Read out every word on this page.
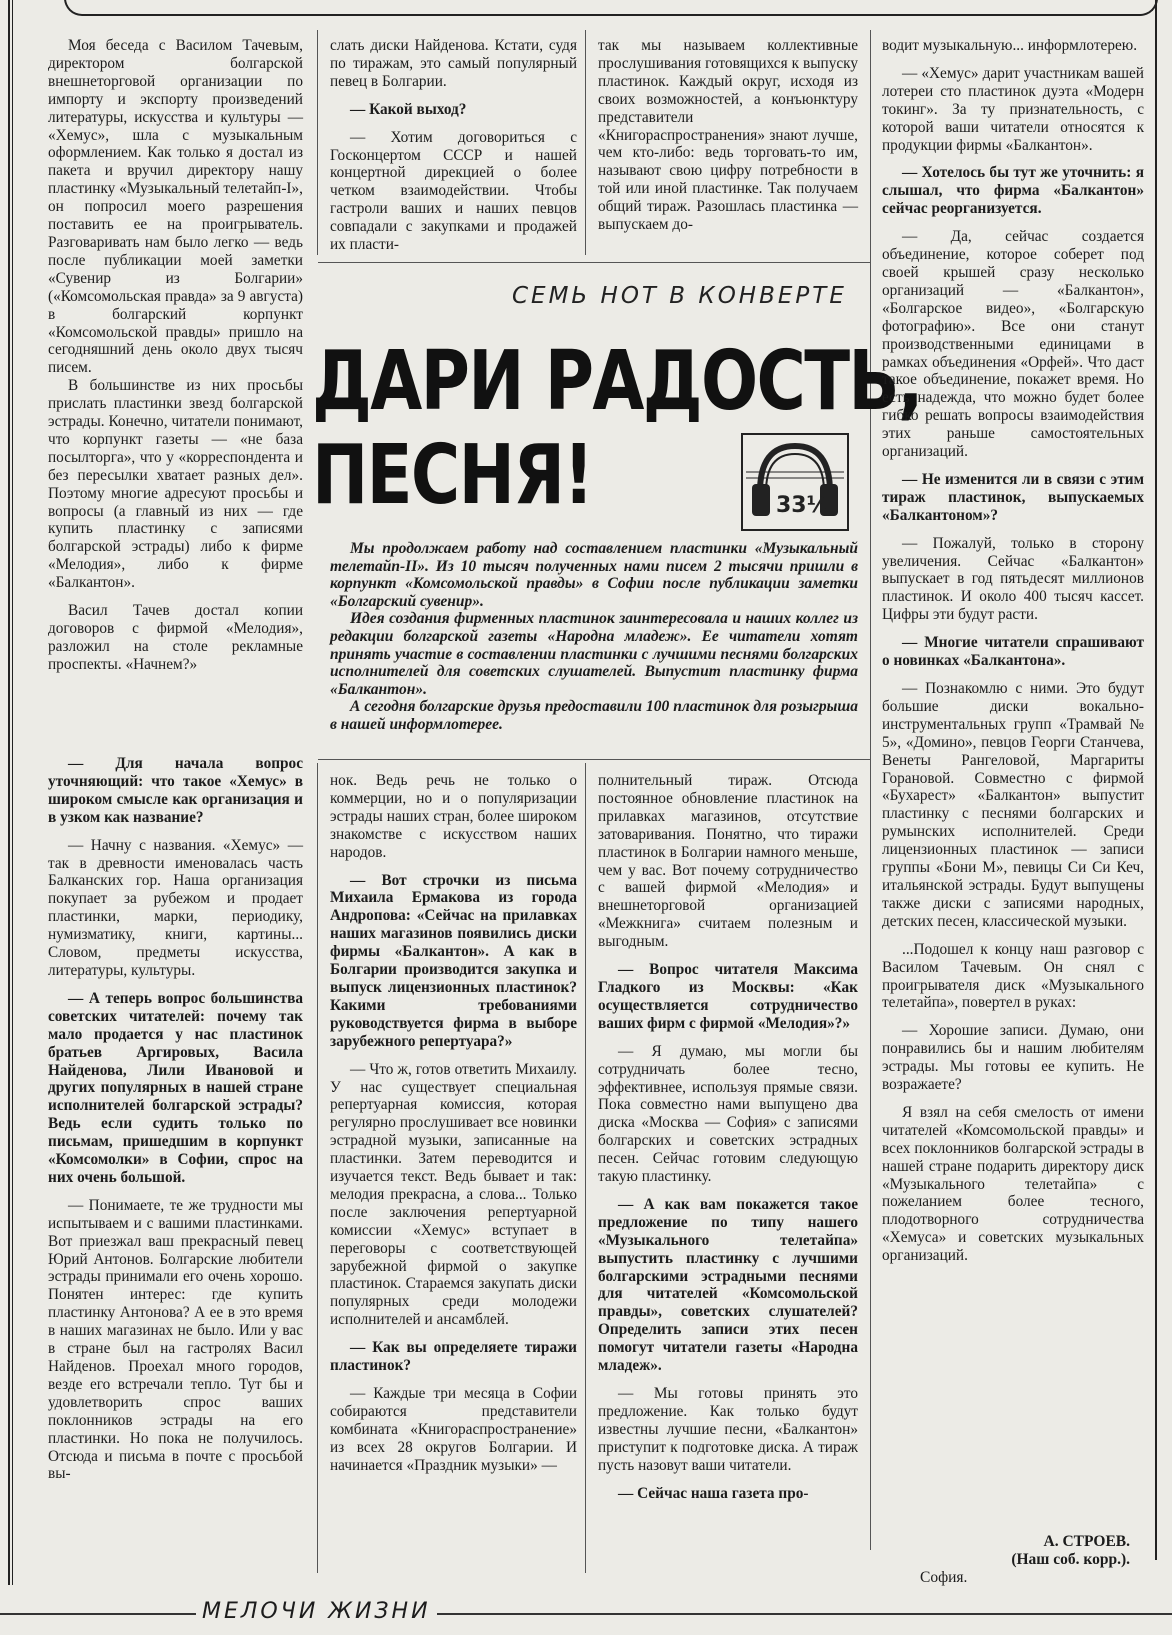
Моя беседа с Василом Тачевым, директором болгарской внешнеторговой организации по импорту и экспорту произведений литературы, искусства и культуры — «Хемус», шла с музыкальным оформлением. Как только я достал из пакета и вручил директору нашу пластинку «Музыкальный телетайп-I», он попросил моего разрешения поставить ее на проигрыватель. Разговаривать нам было легко — ведь после публикации моей заметки «Сувенир из Болгарии» («Комсомольская правда» за 9 августа) в болгарский корпункт «Комсомольской правды» пришло на сегодняшний день около двух тысяч писем.

В большинстве из них просьбы прислать пластинки звезд болгарской эстрады. Конечно, читатели понимают, что корпункт газеты — «не база посылторга», что у «корреспондента и без пересылки хватает разных дел». Поэтому многие адресуют просьбы и вопросы (а главный из них — где купить пластинку с записями болгарской эстрады) либо к фирме «Мелодия», либо к фирме «Балкантон».

Васил Тачев достал копии договоров с фирмой «Мелодия», разложил на столе рекламные проспекты. «Начнем?»

слать диски Найденова. Кстати, судя по тиражам, это самый популярный певец в Болгарии.

— Какой выход?

— Хотим договориться с Госконцертом СССР и нашей концертной дирекцией о более четком взаимодействии. Чтобы гастроли ваших и наших певцов совпадали с закупками и продажей их пласти-

так мы называем коллективные прослушивания готовящихся к выпуску пластинок. Каждый округ, исходя из своих возможностей, а конъюнктуру представители «Книгораспространения» знают лучше, чем кто-либо: ведь торговать-то им, называют свою цифру потребности в той или иной пластинке. Так получаем общий тираж. Разошлась пластинка — выпускаем до-

СЕМЬ НОТ В КОНВЕРТЕ
ДАРИ РАДОСТЬ,
ПЕСНЯ!	33⅓

Мы продолжаем работу над составлением пластинки «Музыкальный телетайп-II». Из 10 тысяч полученных нами писем 2 тысячи пришли в корпункт «Комсомольской правды» в Софии после публикации заметки «Болгарский сувенир».

Идея создания фирменных пластинок заинтересовала и наших коллег из редакции болгарской газеты «Народна младеж». Ее читатели хотят принять участие в составлении пластинки с лучшими песнями болгарских исполнителей для советских слушателей. Выпустит пластинку фирма «Балкантон».

А сегодня болгарские друзья предоставили 100 пластинок для розыгрыша в нашей информлотерее.

— Для начала вопрос уточняющий: что такое «Хемус» в широком смысле как организация и в узком как название?

— Начну с названия. «Хемус» — так в древности именовалась часть Балканских гор. Наша организация покупает за рубежом и продает пластинки, марки, периодику, нумизматику, книги, картины... Словом, предметы искусства, литературы, культуры.

— А теперь вопрос большинства советских читателей: почему так мало продается у нас пластинок братьев Аргировых, Васила Найденова, Лили Ивановой и других популярных в нашей стране исполнителей болгарской эстрады? Ведь если судить только по письмам, пришедшим в корпункт «Комсомолки» в Софии, спрос на них очень большой.

— Понимаете, те же трудности мы испытываем и с вашими пластинками. Вот приезжал ваш прекрасный певец Юрий Антонов. Болгарские любители эстрады принимали его очень хорошо. Понятен интерес: где купить пластинку Антонова? А ее в это время в наших магазинах не было. Или у вас в стране был на гастролях Васил Найденов. Проехал много городов, везде его встречали тепло. Тут бы и удовлетворить спрос ваших поклонников эстрады на его пластинки. Но пока не получилось. Отсюда и письма в почте с просьбой вы-

нок. Ведь речь не только о коммерции, но и о популяризации эстрады наших стран, более широком знакомстве с искусством наших народов.

— Вот строчки из письма Михаила Ермакова из города Андропова: «Сейчас на прилавках наших магазинов появились диски фирмы «Балкантон». А как в Болгарии производится закупка и выпуск лицензионных пластинок? Какими требованиями руководствуется фирма в выборе зарубежного репертуара?»

— Что ж, готов ответить Михаилу. У нас существует специальная репертуарная комиссия, которая регулярно прослушивает все новинки эстрадной музыки, записанные на пластинки. Затем переводится и изучается текст. Ведь бывает и так: мелодия прекрасна, а слова... Только после заключения репертуарной комиссии «Хемус» вступает в переговоры с соответствующей зарубежной фирмой о закупке пластинок. Стараемся закупать диски популярных среди молодежи исполнителей и ансамблей.

— Как вы определяете тиражи пластинок?

— Каждые три месяца в Софии собираются представители комбината «Книгораспространение» из всех 28 округов Болгарии. И начинается «Праздник музыки» —

полнительный тираж. Отсюда постоянное обновление пластинок на прилавках магазинов, отсутствие затоваривания. Понятно, что тиражи пластинок в Болгарии намного меньше, чем у вас. Вот почему сотрудничество с вашей фирмой «Мелодия» и внешнеторговой организацией «Межкнига» считаем полезным и выгодным.

— Вопрос читателя Максима Гладкого из Москвы: «Как осуществляется сотрудничество ваших фирм с фирмой «Мелодия»?»

— Я думаю, мы могли бы сотрудничать более тесно, эффективнее, используя прямые связи. Пока совместно нами выпущено два диска «Москва — София» с записями болгарских и советских эстрадных песен. Сейчас готовим следующую такую пластинку.

— А как вам покажется такое предложение по типу нашего «Музыкального телетайпа» выпустить пластинку с лучшими болгарскими эстрадными песнями для читателей «Комсомольской правды», советских слушателей? Определить записи этих песен помогут читатели газеты «Народна младеж».

— Мы готовы принять это предложение. Как только будут известны лучшие песни, «Балкантон» приступит к подготовке диска. А тираж пусть назовут ваши читатели.

— Сейчас наша газета про-

водит музыкальную... информлотерею.

— «Хемус» дарит участникам вашей лотереи сто пластинок дуэта «Модерн токинг». За ту признательность, с которой ваши читатели относятся к продукции фирмы «Балкантон».

— Хотелось бы тут же уточнить: я слышал, что фирма «Балкантон» сейчас реорганизуется.

— Да, сейчас создается объединение, которое соберет под своей крышей сразу несколько организаций — «Балкантон», «Болгарское видео», «Болгарскую фотографию». Все они станут производственными единицами в рамках объединения «Орфей». Что даст такое объединение, покажет время. Но есть надежда, что можно будет более гибко решать вопросы взаимодействия этих раньше самостоятельных организаций.

— Не изменится ли в связи с этим тираж пластинок, выпускаемых «Балкантоном»?

— Пожалуй, только в сторону увеличения. Сейчас «Балкантон» выпускает в год пятьдесят миллионов пластинок. И около 400 тысяч кассет. Цифры эти будут расти.

— Многие читатели спрашивают о новинках «Балкантона».

— Познакомлю с ними. Это будут большие диски вокально-инструментальных групп «Трамвай № 5», «Домино», певцов Георги Станчева, Венеты Рангеловой, Маргариты Горановой. Совместно с фирмой «Бухарест» «Балкантон» выпустит пластинку с песнями болгарских и румынских исполнителей. Среди лицензионных пластинок — записи группы «Бони М», певицы Си Си Кеч, итальянской эстрады. Будут выпущены также диски с записями народных, детских песен, классической музыки.

...Подошел к концу наш разговор с Василом Тачевым. Он снял с проигрывателя диск «Музыкального телетайпа», повертел в руках:

— Хорошие записи. Думаю, они понравились бы и нашим любителям эстрады. Мы готовы ее купить. Не возражаете?

Я взял на себя смелость от имени читателей «Комсомольской правды» и всех поклонников болгарской эстрады в нашей стране подарить директору диск «Музыкального телетайпа» с пожеланием более тесного, плодотворного сотрудничества «Хемуса» и советских музыкальных организаций.

А. СТРОЕВ.
(Наш соб. корр.).
София.
МЕЛОЧИ ЖИЗНИ
